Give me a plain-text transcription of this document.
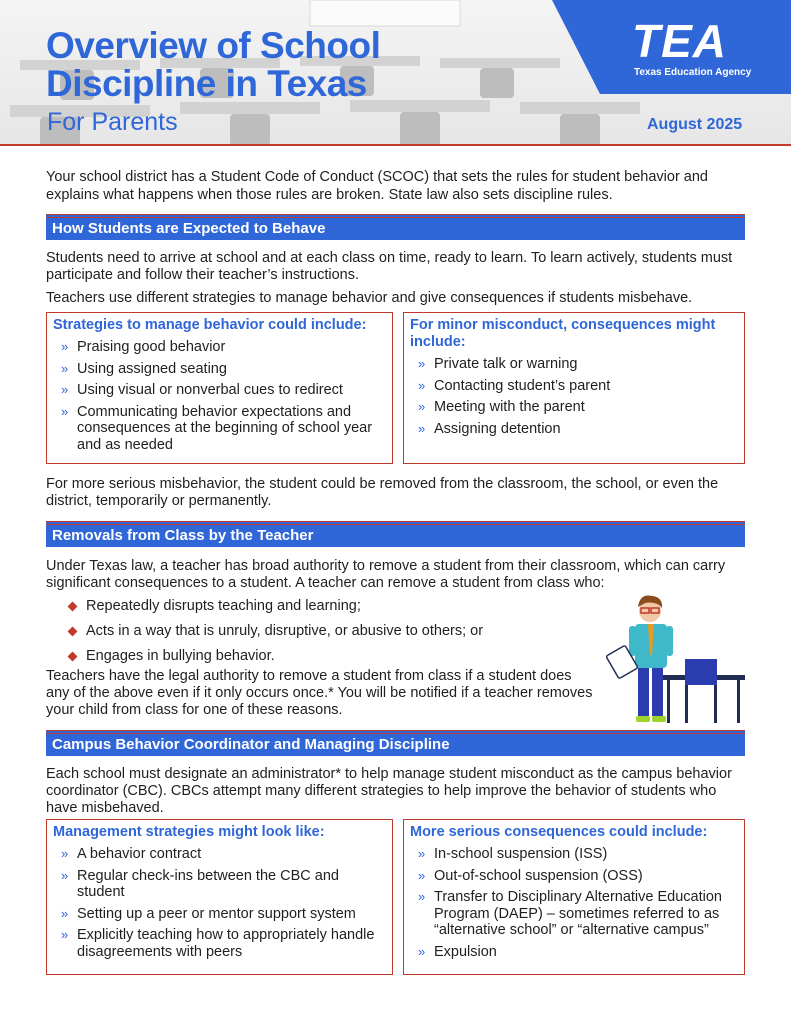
TEA
Texas Education Agency
Overview of School
Discipline in Texas
For Parents	August 2025

Your school district has a Student Code of Conduct (SCOC) that sets the rules for student behavior and explains what happens when those rules are broken. State law also sets discipline rules.

How Students are Expected to Behave

Students need to arrive at school and at each class on time, ready to learn. To learn actively, students must participate and follow their teacher’s instructions.

Teachers use different strategies to manage behavior and give consequences if students misbehave.

Strategies to manage behavior could include:
» Praising good behavior
» Using assigned seating
» Using visual or nonverbal cues to redirect
» Communicating behavior expectations and consequences at the beginning of school year and as needed
For minor misconduct, consequences might include:
» Private talk or warning
» Contacting student’s parent
» Meeting with the parent
» Assigning detention

For more serious misbehavior, the student could be removed from the classroom, the school, or even the district, temporarily or permanently.

Removals from Class by the Teacher

Under Texas law, a teacher has broad authority to remove a student from their classroom, which can carry significant consequences to a student. A teacher can remove a student from class who:

Repeatedly disrupts teaching and learning;
Acts in a way that is unruly, disruptive, or abusive to others; or
Engages in bullying behavior.

Teachers have the legal authority to remove a student from class if a student does any of the above even if it only occurs once.* You will be notified if a teacher removes your child from class for one of these reasons.

Campus Behavior Coordinator and Managing Discipline

Each school must designate an administrator* to help manage student misconduct as the campus behavior coordinator (CBC). CBCs attempt many different strategies to help improve the behavior of students who have misbehaved.

Management strategies might look like:
» A behavior contract
» Regular check-ins between the CBC and student
» Setting up a peer or mentor support system
» Explicitly teaching how to appropriately handle disagreements with peers
More serious consequences could include:
» In-school suspension (ISS)
» Out-of-school suspension (OSS)
» Transfer to Disciplinary Alternative Education Program (DAEP) – sometimes referred to as “alternative school” or “alternative campus”
» Expulsion
